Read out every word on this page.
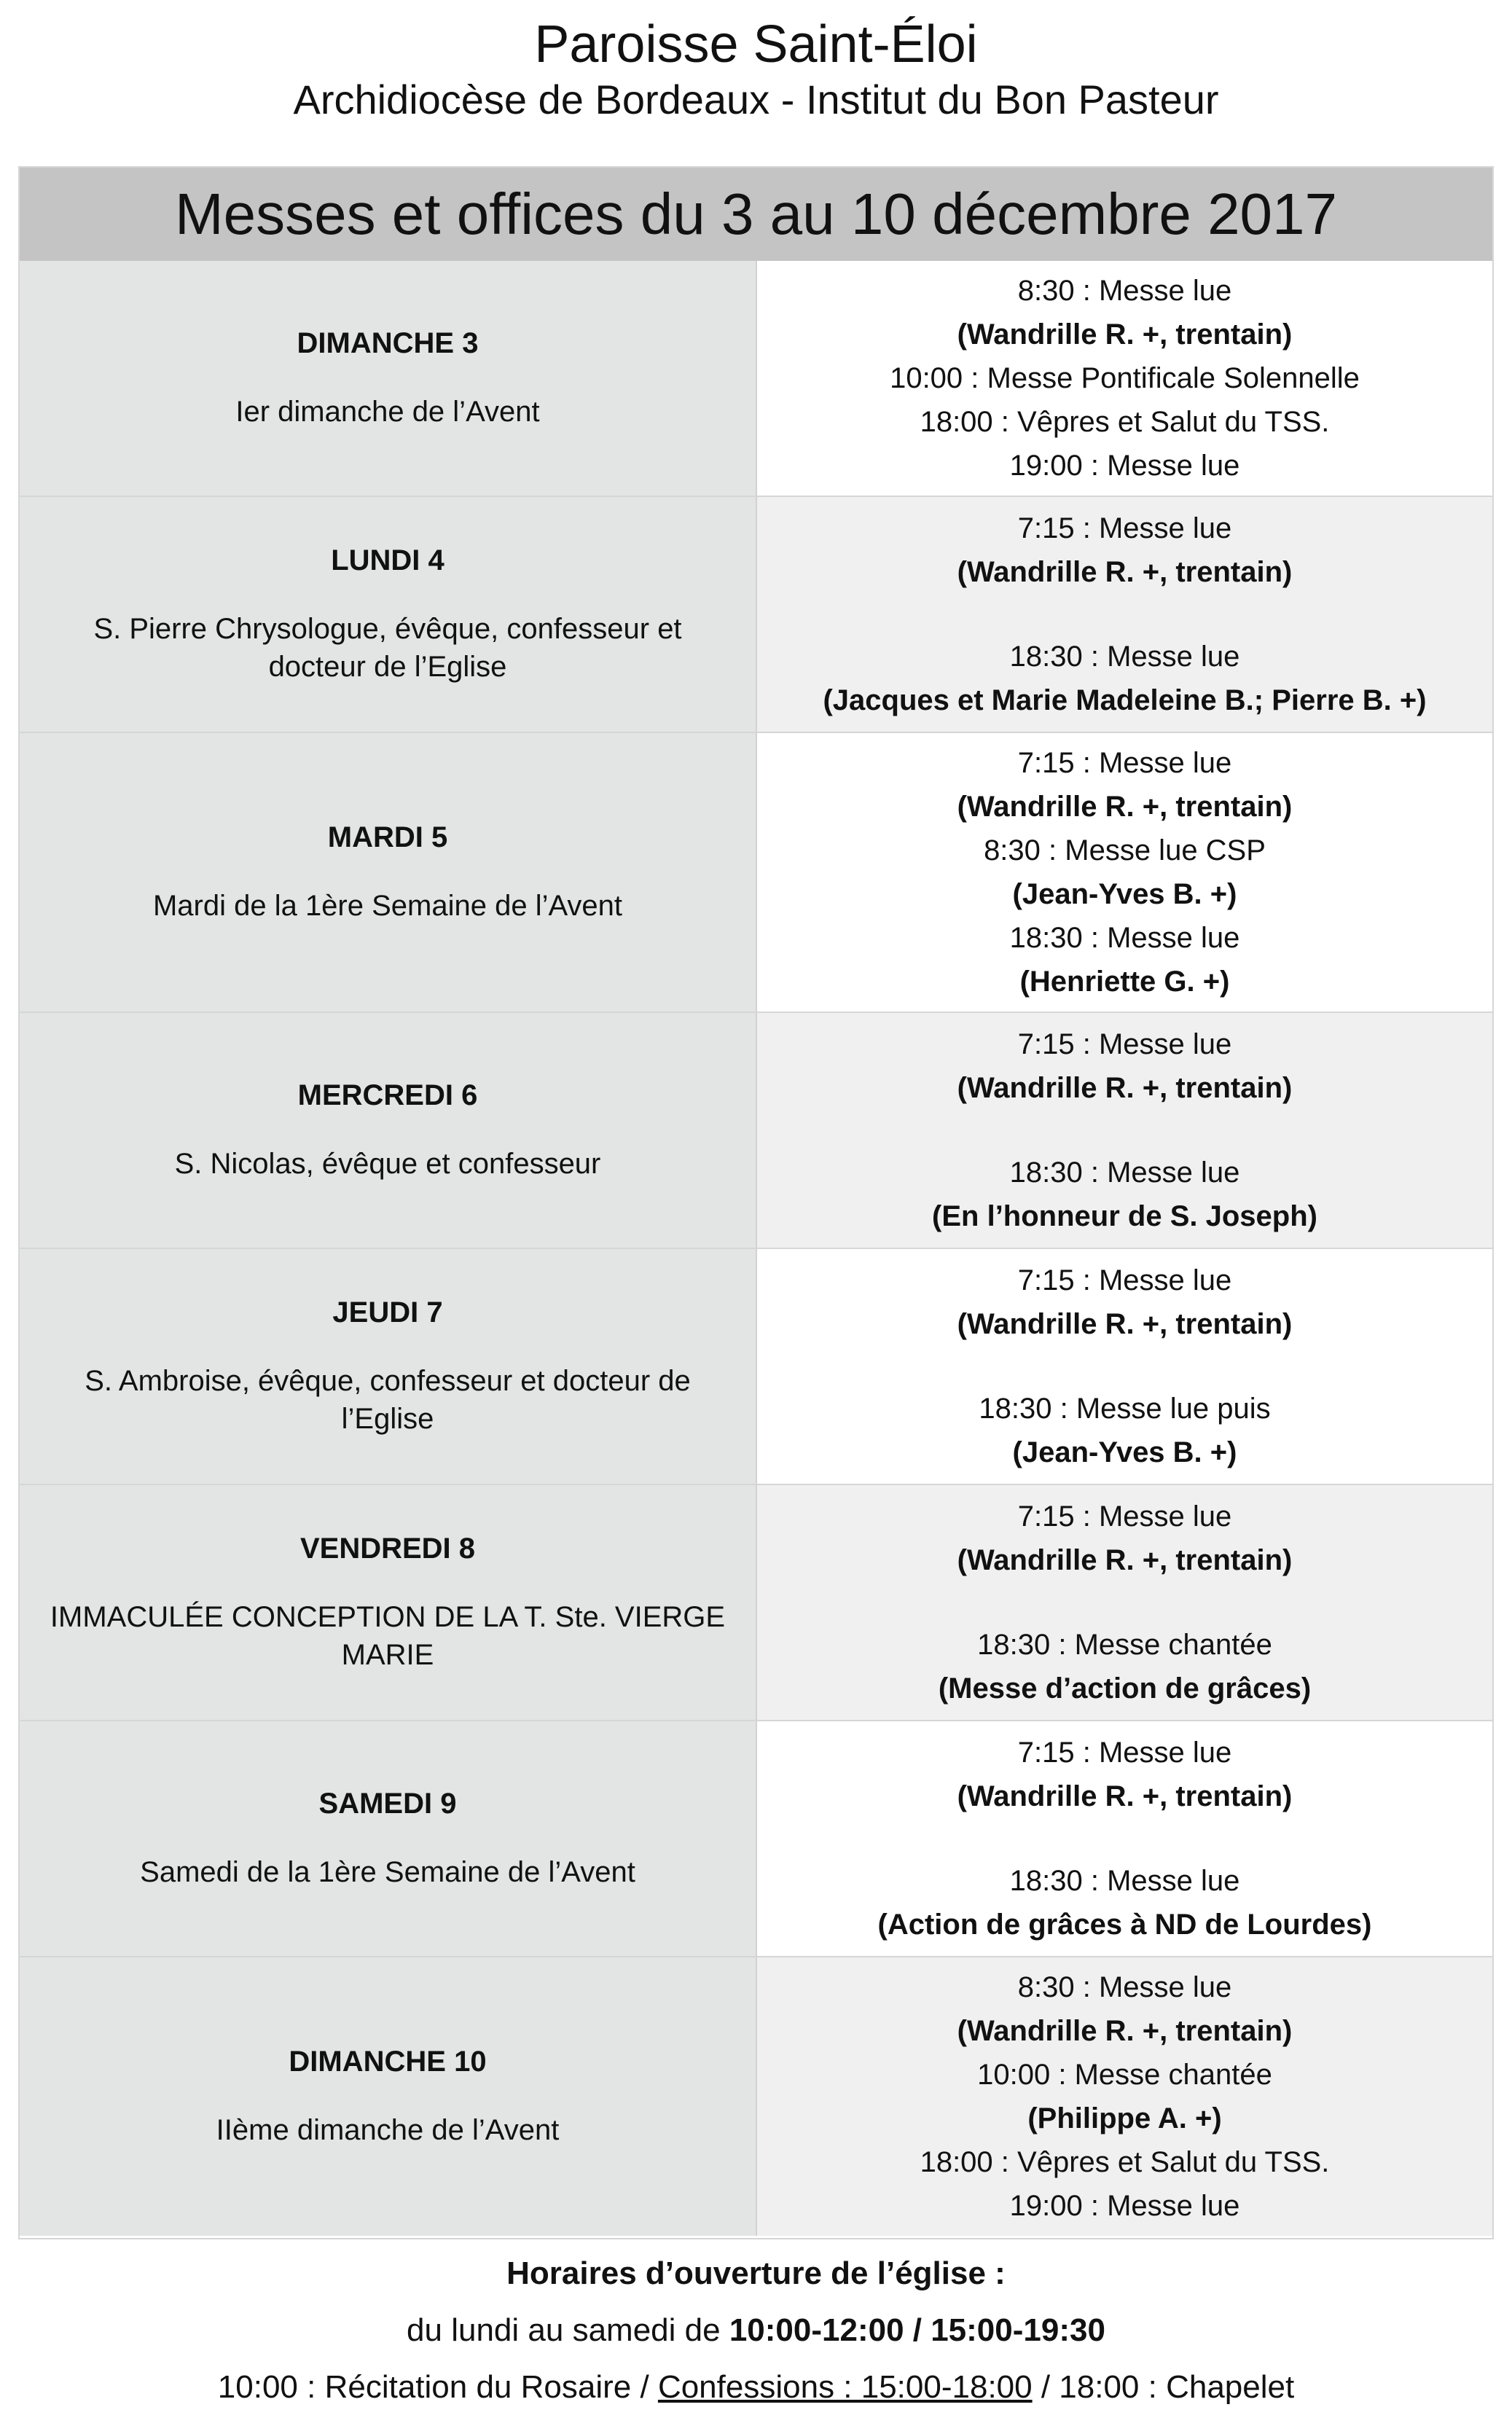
Paroisse Saint-Éloi
Archidiocèse de Bordeaux - Institut du Bon Pasteur
Messes et offices du 3 au 10 décembre 2017
DIMANCHE 3
Ier dimanche de l’Avent
8:30 : Messe lue
(Wandrille R. +, trentain)
10:00 : Messe Pontificale Solennelle
18:00 : Vêpres et Salut du TSS.
19:00 : Messe lue
LUNDI 4
S. Pierre Chrysologue, évêque, confesseur et docteur de l’Eglise
7:15 : Messe lue
(Wandrille R. +, trentain)
18:30 : Messe lue
(Jacques et Marie Madeleine B.; Pierre B. +)
MARDI 5
Mardi de la 1ère Semaine de l’Avent
7:15 : Messe lue
(Wandrille R. +, trentain)
8:30 : Messe lue CSP
(Jean-Yves B. +)
18:30 : Messe lue
(Henriette G. +)
MERCREDI 6
S. Nicolas, évêque et confesseur
7:15 : Messe lue
(Wandrille R. +, trentain)
18:30 : Messe lue
(En l’honneur de S. Joseph)
JEUDI 7
S. Ambroise, évêque, confesseur et docteur de l’Eglise
7:15 : Messe lue
(Wandrille R. +, trentain)
18:30 : Messe lue puis
(Jean-Yves B. +)
VENDREDI 8
IMMACULÉE CONCEPTION DE LA T. Ste. VIERGE MARIE
7:15 : Messe lue
(Wandrille R. +, trentain)
18:30 : Messe chantée
(Messe d’action de grâces)
SAMEDI 9
Samedi de la 1ère Semaine de l’Avent
7:15 : Messe lue
(Wandrille R. +, trentain)
18:30 : Messe lue
(Action de grâces à ND de Lourdes)
DIMANCHE 10
IIème dimanche de l’Avent
8:30 : Messe lue
(Wandrille R. +, trentain)
10:00 : Messe chantée
(Philippe A. +)
18:00 : Vêpres et Salut du TSS.
19:00 : Messe lue
Horaires d’ouverture de l’église :
du lundi au samedi de 10:00-12:00 / 15:00-19:30
10:00 : Récitation du Rosaire / Confessions : 15:00-18:00 / 18:00 : Chapelet
